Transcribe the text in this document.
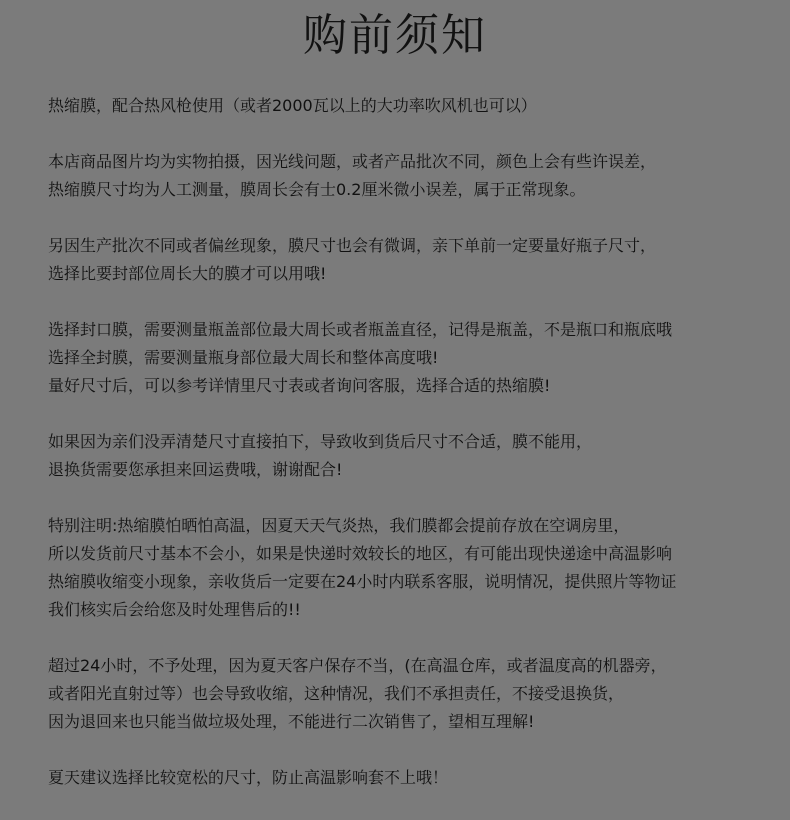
购前须知
热缩膜，配合热风枪使用（或者2000瓦以上的大功率吹风机也可以）
本店商品图片均为实物拍摄，因光线问题，或者产品批次不同，颜色上会有些许误差，
热缩膜尺寸均为人工测量，膜周长会有士0.2厘米微小误差，属于正常现象。
另因生产批次不同或者偏丝现象，膜尺寸也会有微调，亲下单前一定要量好瓶子尺寸，
选择比要封部位周长大的膜才可以用哦!
选择封口膜，需要测量瓶盖部位最大周长或者瓶盖直径，记得是瓶盖，不是瓶口和瓶底哦
选择全封膜，需要测量瓶身部位最大周长和整体高度哦!
量好尺寸后，可以参考详情里尺寸表或者询问客服，选择合适的热缩膜!
如果因为亲们没弄清楚尺寸直接拍下，导致收到货后尺寸不合适，膜不能用，
退换货需要您承担来回运费哦，谢谢配合!
特别注明:热缩膜怕晒怕高温，因夏天天气炎热，我们膜都会提前存放在空调房里，
所以发货前尺寸基本不会小，如果是快递时效较长的地区，有可能出现快递途中高温影响
热缩膜收缩变小现象，亲收货后一定要在24小时内联系客服，说明情况，提供照片等物证
我们核实后会给您及时处理售后的!!
超过24小时，不予处理，因为夏天客户保存不当，(在高温仓库，或者温度高的机器旁，
或者阳光直射过等）也会导致收缩，这种情况，我们不承担责任，不接受退换货，
因为退回来也只能当做垃圾处理，不能进行二次销售了，望相互理解!
夏天建议选择比较宽松的尺寸，防止高温影响套不上哦！
